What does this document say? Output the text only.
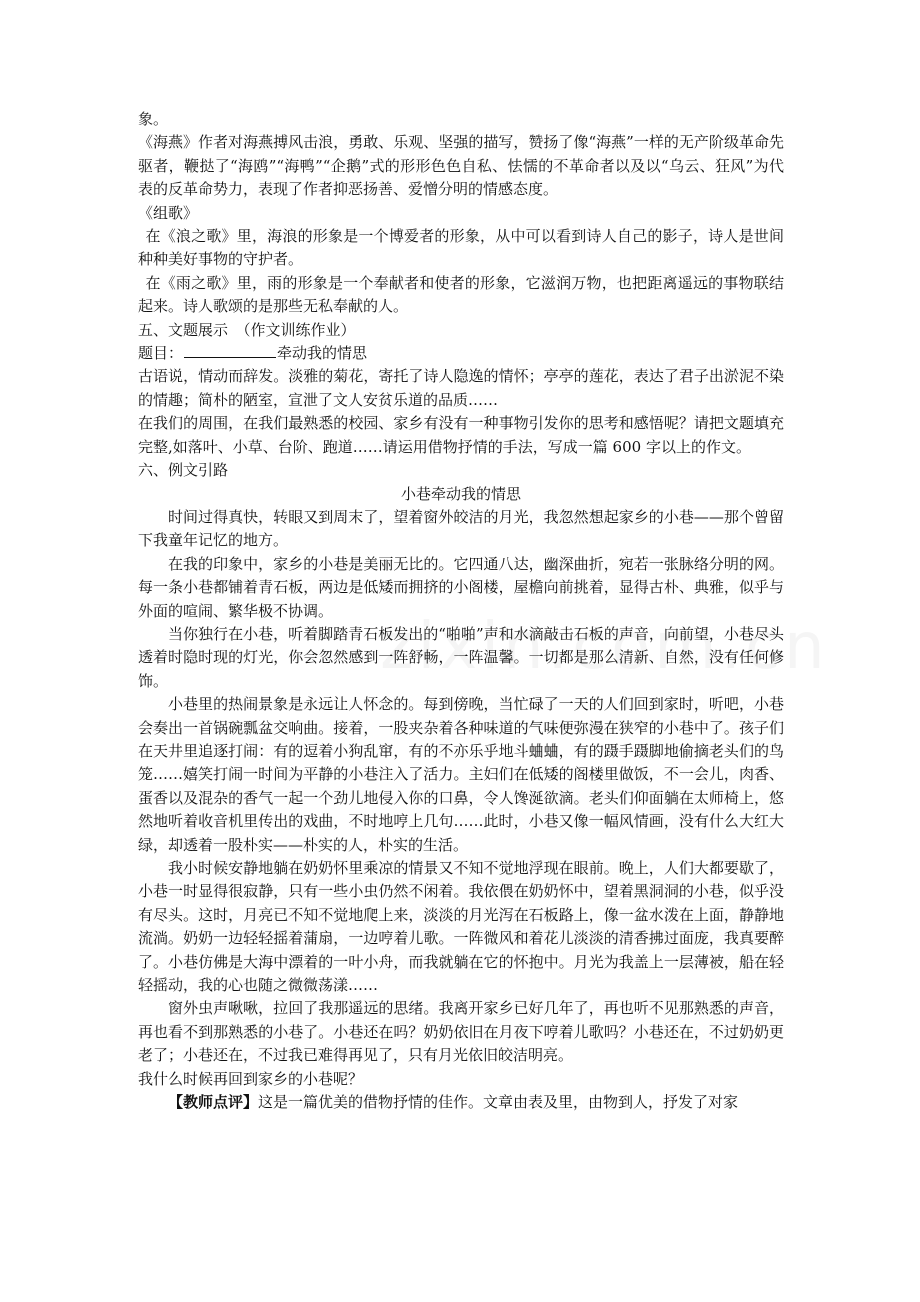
象。

《海燕》作者对海燕搏风击浪，勇敢、乐观、坚强的描写，赞扬了像“海燕”一样的无产阶级革命先驱者，鞭挞了“海鸥”“海鸭”“企鹅”式的形形色色自私、怯懦的不革命者以及以“乌云、狂风”为代表的反革命势力，表现了作者抑恶扬善、爱憎分明的情感态度。

《组歌》

在《浪之歌》里，海浪的形象是一个博爱者的形象，从中可以看到诗人自己的影子，诗人是世间种种美好事物的守护者。

在《雨之歌》里，雨的形象是一个奉献者和使者的形象，它滋润万物，也把距离遥远的事物联结起来。诗人歌颂的是那些无私奉献的人。

五、文题展示　（作文训练作业）

题目：	牵动我的情思

古语说，情动而辞发。淡雅的菊花，寄托了诗人隐逸的情怀；亭亭的莲花，表达了君子出淤泥不染的情趣；简朴的陋室，宣泄了文人安贫乐道的品质……

在我们的周围，在我们最熟悉的校园、家乡有没有一种事物引发你的思考和感悟呢？请把文题填充完整,如落叶、小草、台阶、跑道……请运用借物抒情的手法，写成一篇 600 字以上的作文。

六、例文引路

小巷牵动我的情思

时间过得真快，转眼又到周末了，望着窗外皎洁的月光，我忽然想起家乡的小巷——那个曾留下我童年记忆的地方。

在我的印象中，家乡的小巷是美丽无比的。它四通八达，幽深曲折，宛若一张脉络分明的网。每一条小巷都铺着青石板，两边是低矮而拥挤的小阁楼，屋檐向前挑着，显得古朴、典雅，似乎与外面的喧闹、繁华极不协调。

当你独行在小巷，听着脚踏青石板发出的“啪啪”声和水滴敲击石板的声音，向前望，小巷尽头透着时隐时现的灯光，你会忽然感到一阵舒畅，一阵温馨。一切都是那么清新、自然，没有任何修饰。

小巷里的热闹景象是永远让人怀念的。每到傍晚，当忙碌了一天的人们回到家时，听吧，小巷会奏出一首锅碗瓢盆交响曲。接着，一股夹杂着各种味道的气味便弥漫在狭窄的小巷中了。孩子们在天井里追逐打闹：有的逗着小狗乱窜，有的不亦乐乎地斗蛐蛐，有的蹑手蹑脚地偷摘老头们的鸟笼……嬉笑打闹一时间为平静的小巷注入了活力。主妇们在低矮的阁楼里做饭，不一会儿，肉香、蛋香以及混杂的香气一起一个劲儿地侵入你的口鼻，令人馋涎欲滴。老头们仰面躺在太师椅上，悠然地听着收音机里传出的戏曲，不时地哼上几句……此时，小巷又像一幅风情画，没有什么大红大绿，却透着一股朴实——朴实的人，朴实的生活。

我小时候安静地躺在奶奶怀里乘凉的情景又不知不觉地浮现在眼前。晚上，人们大都要歇了，小巷一时显得很寂静，只有一些小虫仍然不闲着。我依偎在奶奶怀中，望着黑洞洞的小巷，似乎没有尽头。这时，月亮已不知不觉地爬上来，淡淡的月光泻在石板路上，像一盆水泼在上面，静静地流淌。奶奶一边轻轻摇着蒲扇，一边哼着儿歌。一阵微风和着花儿淡淡的清香拂过面庞，我真要醉了。小巷仿佛是大海中漂着的一叶小舟，而我就躺在它的怀抱中。月光为我盖上一层薄被，船在轻轻摇动，我的心也随之微微荡漾……

窗外虫声啾啾，拉回了我那遥远的思绪。我离开家乡已好几年了，再也听不见那熟悉的声音，再也看不到那熟悉的小巷了。小巷还在吗？奶奶依旧在月夜下哼着儿歌吗？小巷还在，不过奶奶更老了；小巷还在，不过我已难得再见了，只有月光依旧皎洁明亮。

我什么时候再回到家乡的小巷呢？

【教师点评】这是一篇优美的借物抒情的佳作。文章由表及里，由物到人，抒发了对家
